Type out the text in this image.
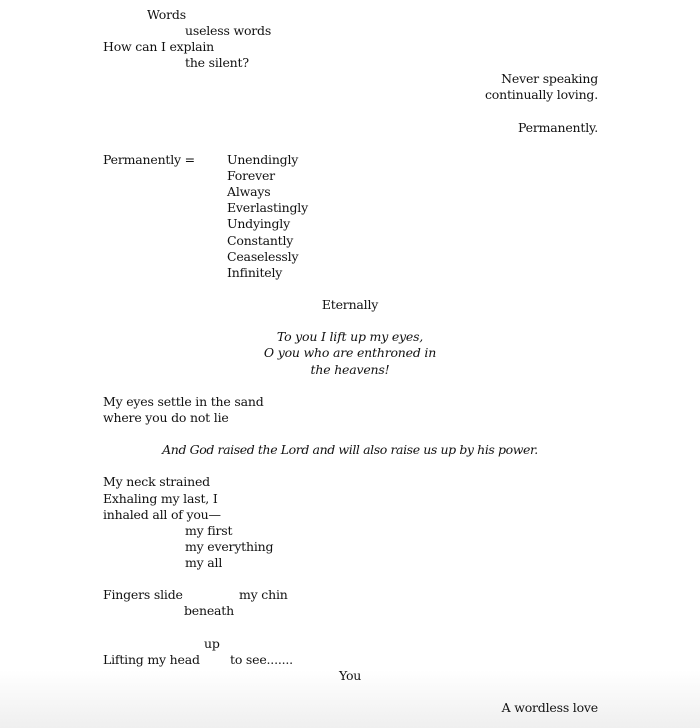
Words
useless words
How can I explain
the silent?
Never speaking
continually loving.
Permanently.
Permanently =	Unendingly
Forever
Always
Everlastingly
Undyingly
Constantly
Ceaselessly
Infinitely
Eternally
To you I lift up my eyes,
O you who are enthroned in
the heavens!
My eyes settle in the sand
where you do not lie
And God raised the Lord and will also raise us up by his power.
My neck strained
Exhaling my last, I
inhaled all of you—
my first
my everything
my all
Fingers slide	my chin
beneath
up
Lifting my head to see.......
You
A wordless love
